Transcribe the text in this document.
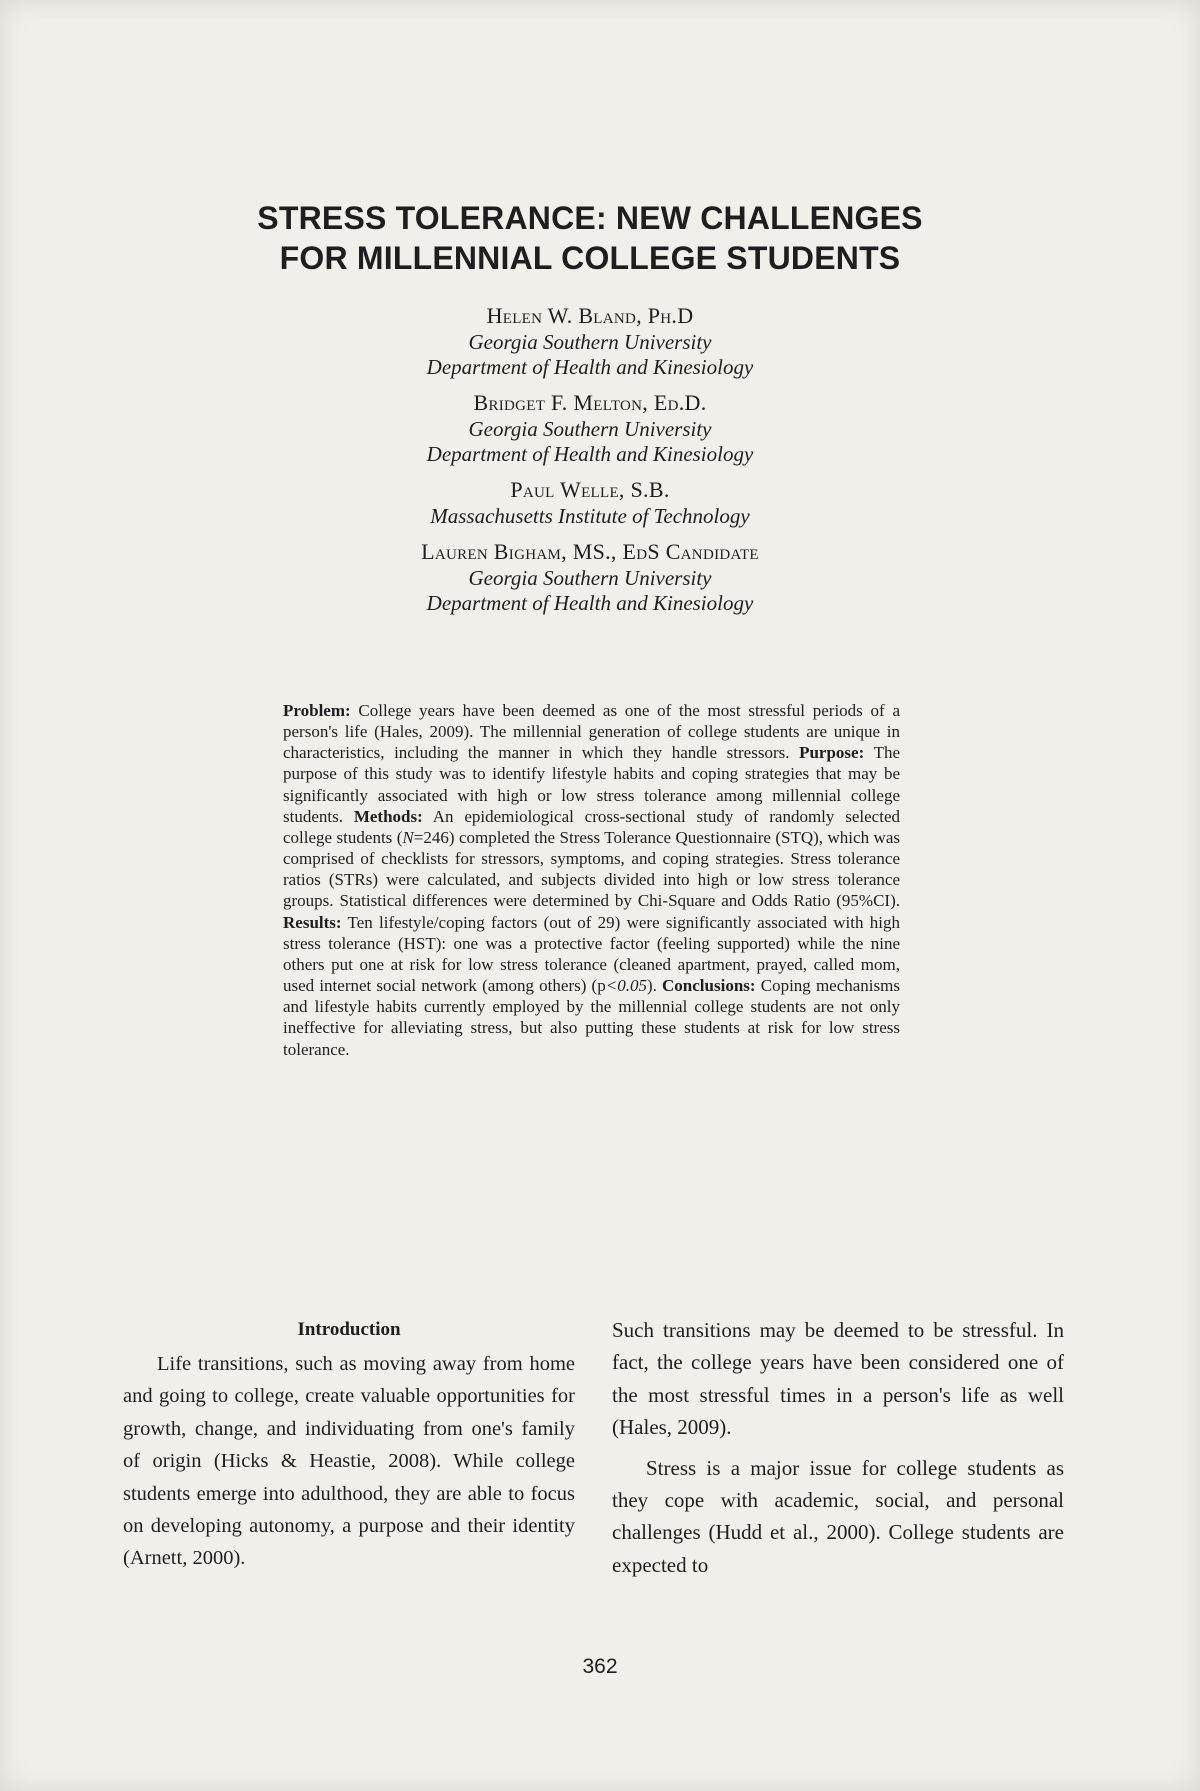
STRESS TOLERANCE: NEW CHALLENGES
FOR MILLENNIAL COLLEGE STUDENTS
Helen W. Bland, Ph.D
Georgia Southern University
Department of Health and Kinesiology
Bridget F. Melton, Ed.D.
Georgia Southern University
Department of Health and Kinesiology
Paul Welle, S.B.
Massachusetts Institute of Technology
Lauren Bigham, MS., EdS Candidate
Georgia Southern University
Department of Health and Kinesiology
Problem: College years have been deemed as one of the most stressful periods of a person's life (Hales, 2009). The millennial generation of college students are unique in characteristics, including the manner in which they handle stressors. Purpose: The purpose of this study was to identify lifestyle habits and coping strategies that may be significantly associated with high or low stress tolerance among millennial college students. Methods: An epidemiological cross-sectional study of randomly selected college students (N=246) completed the Stress Tolerance Questionnaire (STQ), which was comprised of checklists for stressors, symptoms, and coping strategies. Stress tolerance ratios (STRs) were calculated, and subjects divided into high or low stress tolerance groups. Statistical differences were determined by Chi-Square and Odds Ratio (95%CI). Results: Ten lifestyle/coping factors (out of 29) were significantly associated with high stress tolerance (HST): one was a protective factor (feeling supported) while the nine others put one at risk for low stress tolerance (cleaned apartment, prayed, called mom, used internet social network (among others) (p<0.05). Conclusions: Coping mechanisms and lifestyle habits currently employed by the millennial college students are not only ineffective for alleviating stress, but also putting these students at risk for low stress tolerance.
Introduction

Life transitions, such as moving away from home and going to college, create valuable opportunities for growth, change, and individuating from one's family of origin (Hicks & Heastie, 2008). While college students emerge into adulthood, they are able to focus on developing autonomy, a purpose and their identity (Arnett, 2000).

Such transitions may be deemed to be stressful. In fact, the college years have been considered one of the most stressful times in a person's life as well (Hales, 2009).

Stress is a major issue for college students as they cope with academic, social, and personal challenges (Hudd et al., 2000). College students are expected to

362
